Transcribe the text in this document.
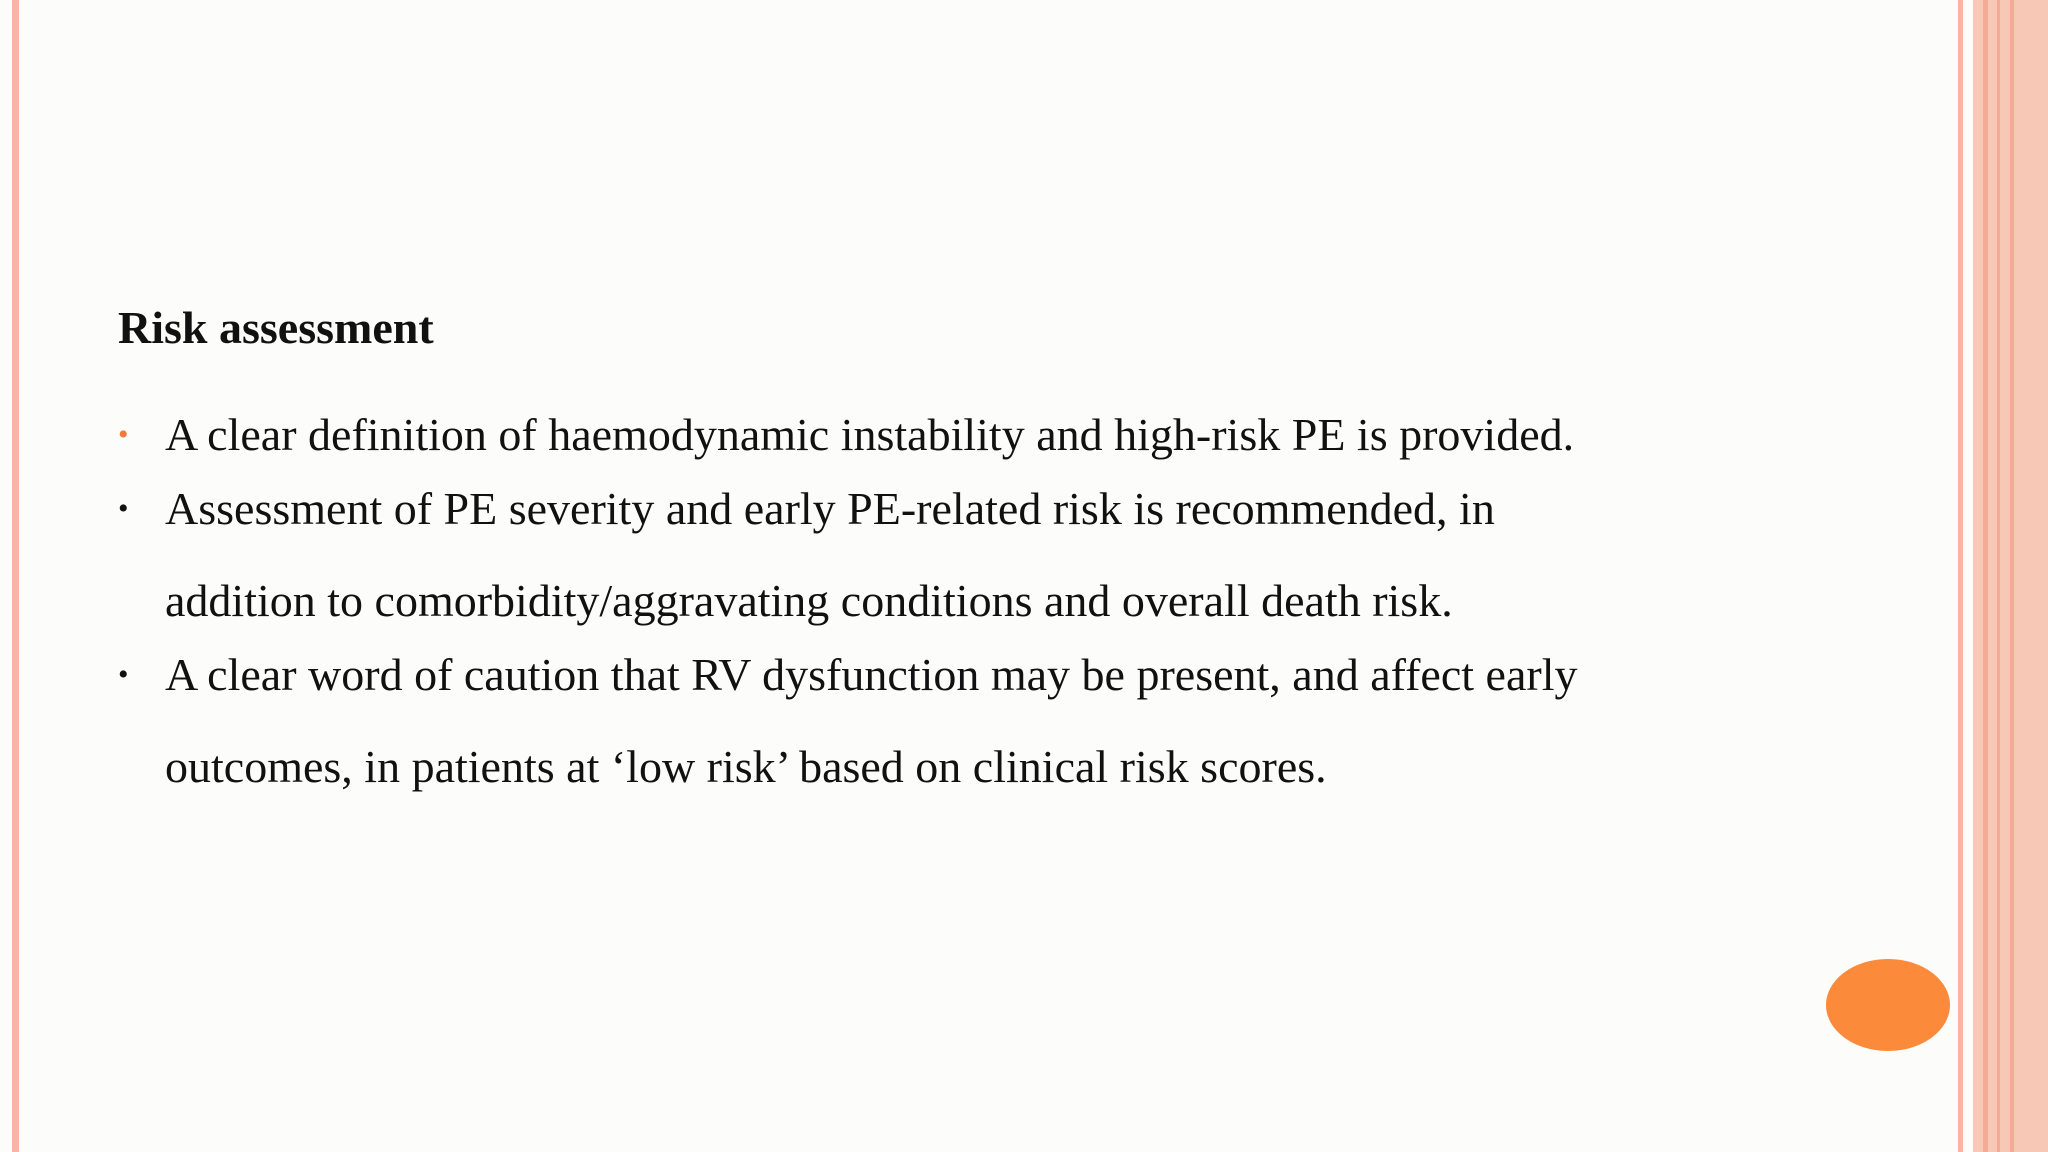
Risk assessment
• A clear definition of haemodynamic instability and high-risk PE is provided.
• Assessment of PE severity and early PE-related risk is recommended, in
addition to comorbidity/aggravating conditions and overall death risk.
• A clear word of caution that RV dysfunction may be present, and affect early
outcomes, in patients at ‘low risk’ based on clinical risk scores.
